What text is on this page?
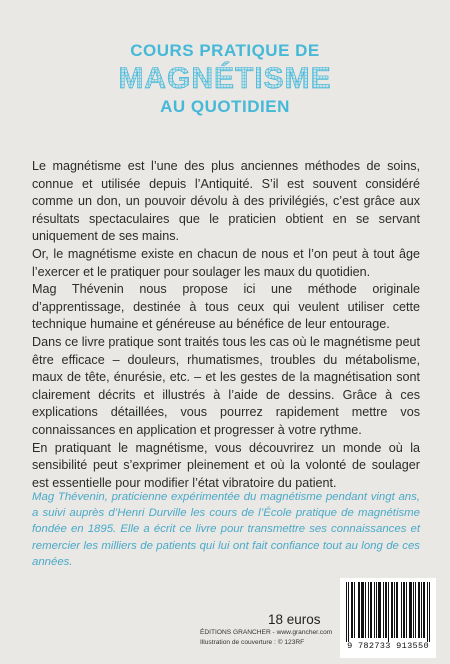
COURS PRATIQUE DE
MAGNÉTISME
AU QUOTIDIEN

Le magnétisme est l’une des plus anciennes méthodes de soins, connue et utilisée depuis l’Antiquité. S’il est souvent considéré comme un don, un pouvoir dévolu à des privilégiés, c’est grâce aux résultats spectaculaires que le praticien obtient en se servant uniquement de ses mains.

Or, le magnétisme existe en chacun de nous et l’on peut à tout âge l’exercer et le pratiquer pour soulager les maux du quotidien.

Mag Thévenin nous propose ici une méthode originale d’apprentissage, destinée à tous ceux qui veulent utiliser cette technique humaine et généreuse au bénéfice de leur entourage.

Dans ce livre pratique sont traités tous les cas où le magnétisme peut être efficace – douleurs, rhumatismes, troubles du métabolisme, maux de tête, énurésie, etc. – et les gestes de la magnétisation sont clairement décrits et illustrés à l’aide de dessins. Grâce à ces explications détaillées, vous pourrez rapidement mettre vos connaissances en application et progresser à votre rythme.

En pratiquant le magnétisme, vous découvrirez un monde où la sensibilité peut s’exprimer pleinement et où la volonté de soulager est essentielle pour modifier l’état vibratoire du patient.

Mag Thévenin, praticienne expérimentée du magnétisme pendant vingt ans, a suivi auprès d’Henri Durville les cours de l’École pratique de magnétisme fondée en 1895. Elle a écrit ce livre pour transmettre ses connaissances et remercier les milliers de patients qui lui ont fait confiance tout au long de ces années.

18 euros
ÉDITIONS GRANCHER - www.grancher.com
Illustration de couverture : © 123RF	9 782733 913550
